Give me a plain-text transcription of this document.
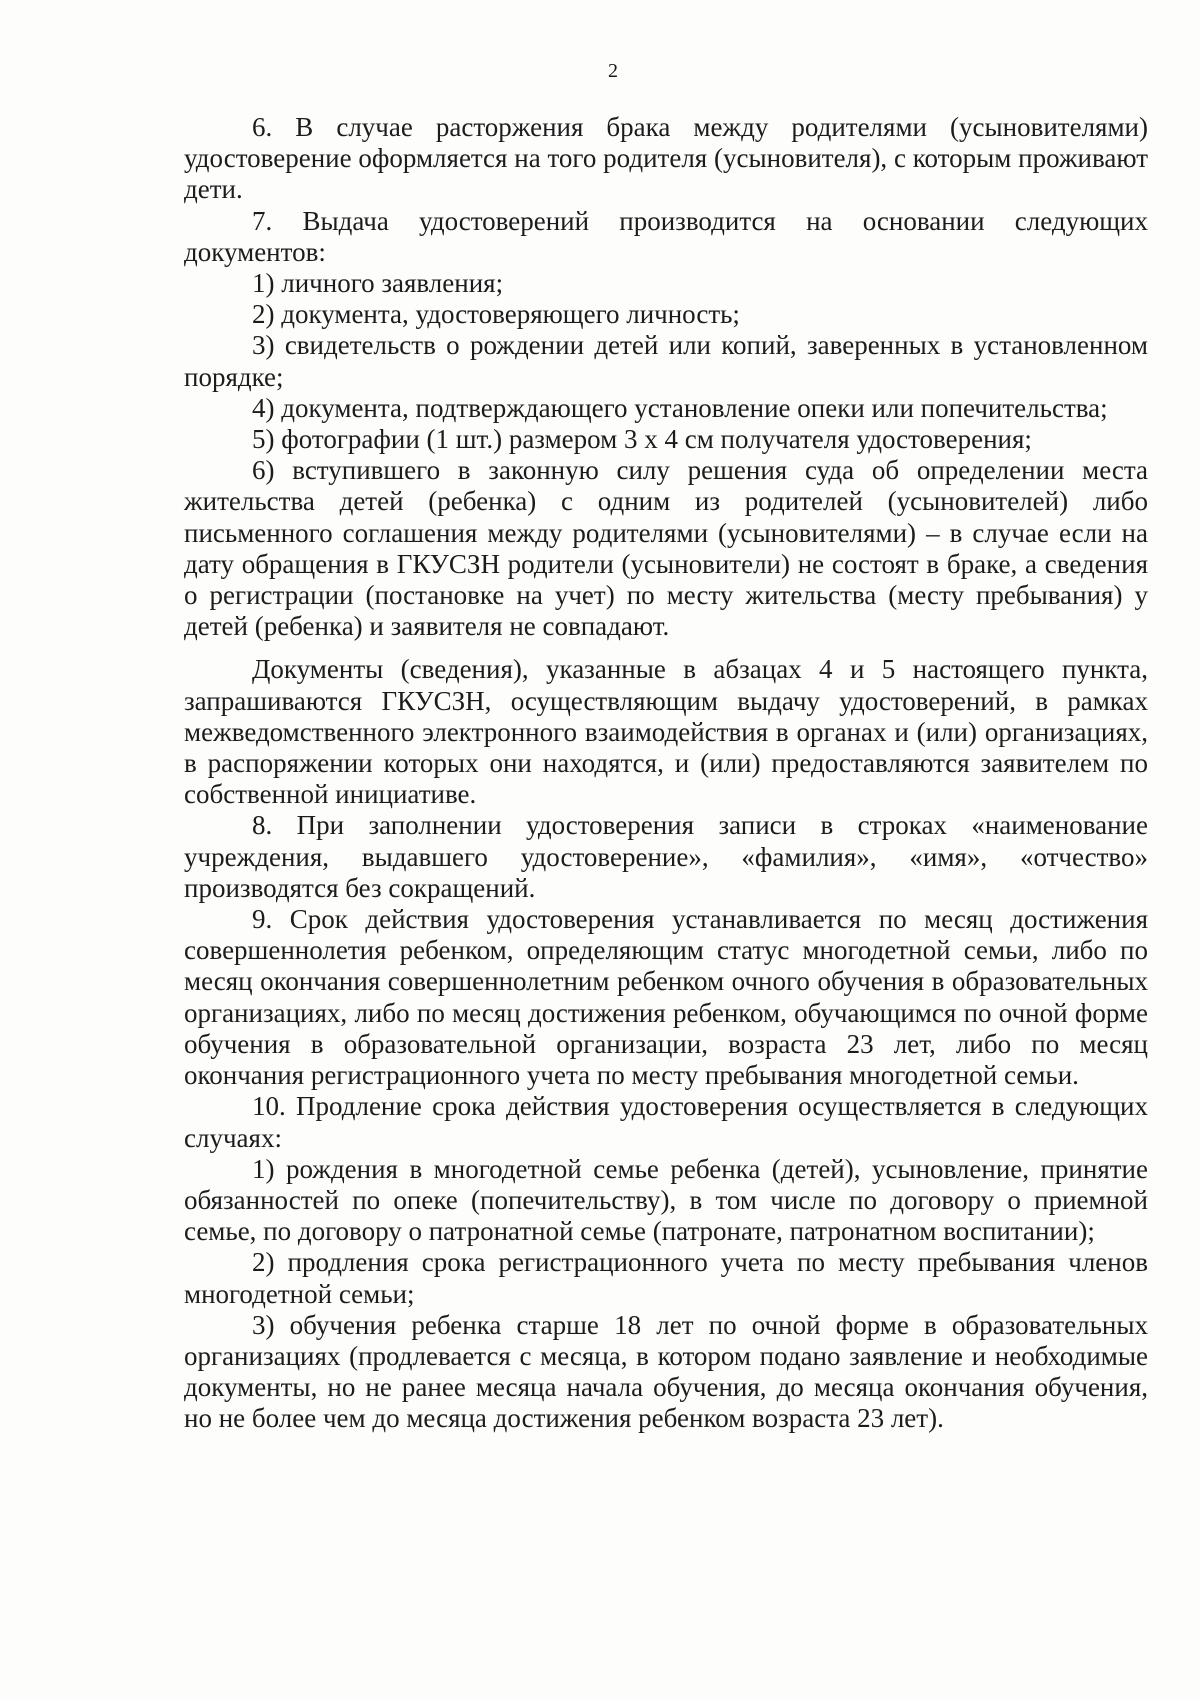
2

6. В случае расторжения брака между родителями (усыновителями) удостоверение оформляется на того родителя (усыновителя), с которым проживают дети.

7. Выдача удостоверений производится на основании следующих документов:

1) личного заявления;

2) документа, удостоверяющего личность;

3) свидетельств о рождении детей или копий, заверенных в установленном порядке;

4) документа, подтверждающего установление опеки или попечительства;

5) фотографии (1 шт.) размером 3 х 4 см получателя удостоверения;

6) вступившего в законную силу решения суда об определении места жительства детей (ребенка) с одним из родителей (усыновителей) либо письменного соглашения между родителями (усыновителями) – в случае если на дату обращения в ГКУСЗН родители (усыновители) не состоят в браке, а сведения о регистрации (постановке на учет) по месту жительства (месту пребывания) у детей (ребенка) и заявителя не совпадают.

Документы (сведения), указанные в абзацах 4 и 5 настоящего пункта, запрашиваются ГКУСЗН, осуществляющим выдачу удостоверений, в рамках межведомственного электронного взаимодействия в органах и (или) организациях, в распоряжении которых они находятся, и (или) предоставляются заявителем по собственной инициативе.

8. При заполнении удостоверения записи в строках «наименование учреждения, выдавшего удостоверение», «фамилия», «имя», «отчество» производятся без сокращений.

9. Срок действия удостоверения устанавливается по месяц достижения совершеннолетия ребенком, определяющим статус многодетной семьи, либо по месяц окончания совершеннолетним ребенком очного обучения в образовательных организациях, либо по месяц достижения ребенком, обучающимся по очной форме обучения в образовательной организации, возраста 23 лет, либо по месяц окончания регистрационного учета по месту пребывания многодетной семьи.

10. Продление срока действия удостоверения осуществляется в следующих случаях:

1) рождения в многодетной семье ребенка (детей), усыновление, принятие обязанностей по опеке (попечительству), в том числе по договору о приемной семье, по договору о патронатной семье (патронате, патронатном воспитании);

2) продления срока регистрационного учета по месту пребывания членов многодетной семьи;

3) обучения ребенка старше 18 лет по очной форме в образовательных организациях (продлевается с месяца, в котором подано заявление и необходимые документы, но не ранее месяца начала обучения, до месяца окончания обучения, но не более чем до месяца достижения ребенком возраста 23 лет).
